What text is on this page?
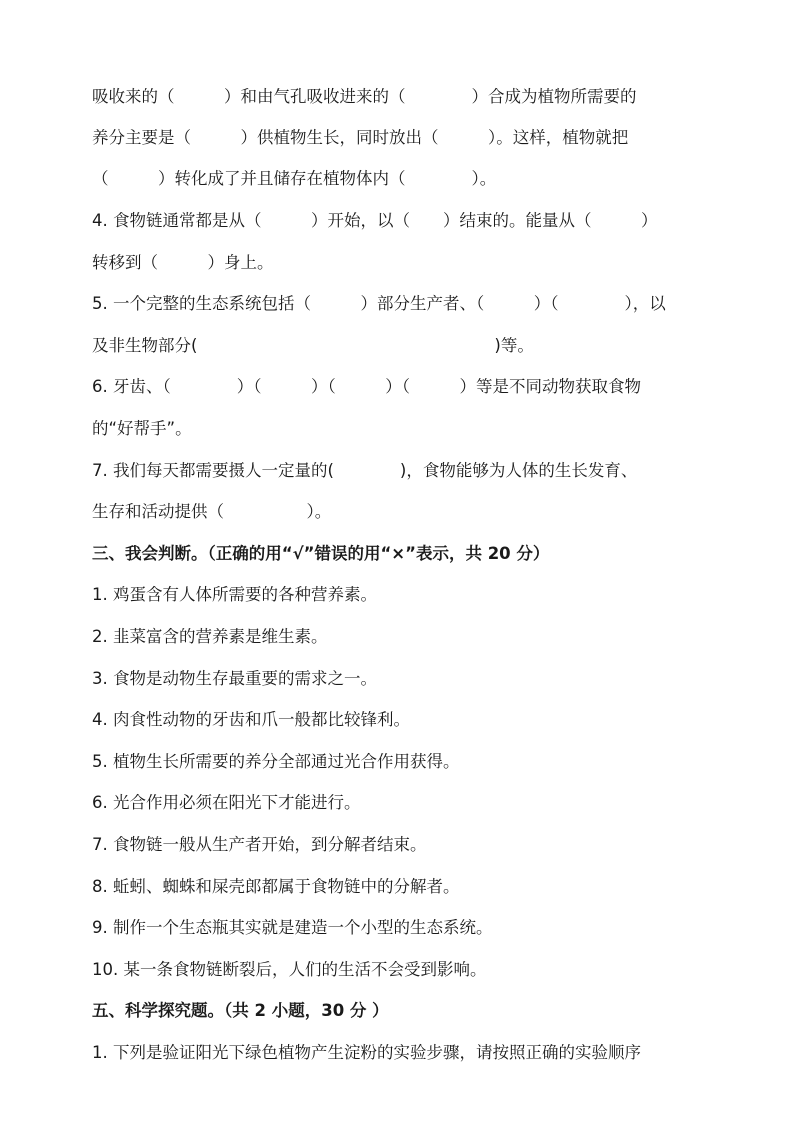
吸收来的（　　　）和由气孔吸收进来的（　　　　）合成为植物所需要的
养分主要是（　　　）供植物生长，同时放出（　　　）。这样，植物就把
（　　　）转化成了并且储存在植物体内（　　　　）。
4. 食物链通常都是从（　　　）开始，以（　　）结束的。能量从（　　　）
转移到（　　　）身上。
5. 一个完整的生态系统包括（　　　）部分生产者、（　　　）（　　　　），以
及非生物部分(　　　　　　　　　　　　　　　　　　)等。
6. 牙齿、（　　　　）（　　　）（　　　）（　　　）等是不同动物获取食物
的“好帮手”。
7. 我们每天都需要摄人一定量的(　　　　)，食物能够为人体的生长发育、
生存和活动提供（　　　　　）。
三、我会判断。（正确的用“√”错误的用“×”表示，共 20 分）
1. 鸡蛋含有人体所需要的各种营养素。
2. 韭菜富含的营养素是维生素。
3. 食物是动物生存最重要的需求之一。
4. 肉食性动物的牙齿和爪一般都比较锋利。
5. 植物生长所需要的养分全部通过光合作用获得。
6. 光合作用必须在阳光下才能进行。
7. 食物链一般从生产者开始，到分解者结束。
8. 蚯蚓、蜘蛛和屎壳郎都属于食物链中的分解者。
9. 制作一个生态瓶其实就是建造一个小型的生态系统。
10. 某一条食物链断裂后，人们的生活不会受到影响。
五、科学探究题。（共 2 小题，30 分 ）
1. 下列是验证阳光下绿色植物产生淀粉的实验步骤，请按照正确的实验顺序
